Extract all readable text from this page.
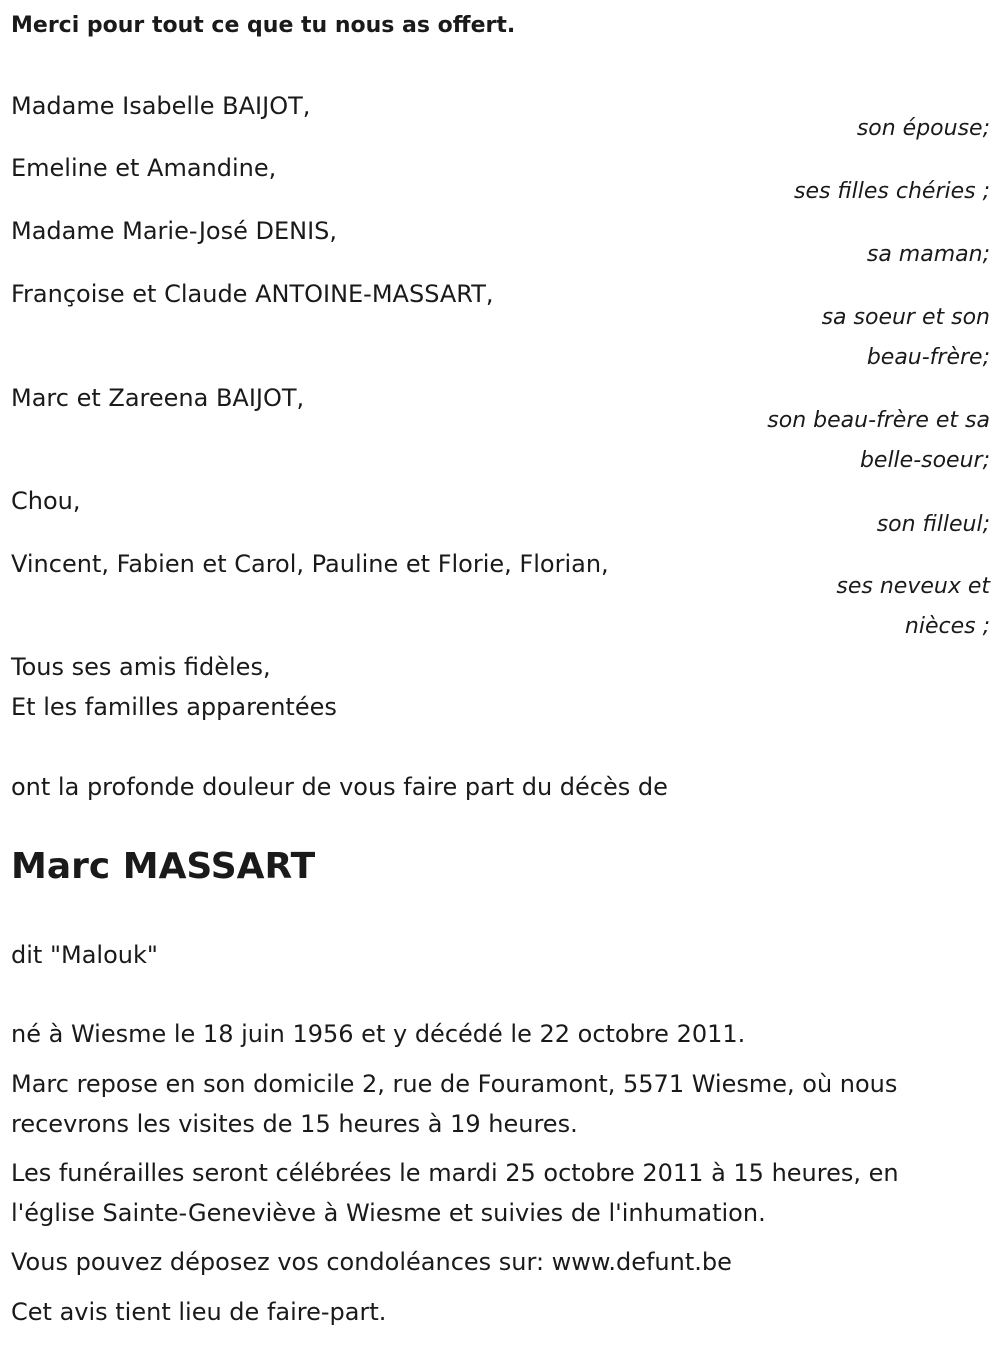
Merci pour tout ce que tu nous as offert.
Madame Isabelle BAIJOT,
son épouse;
Emeline et Amandine,
ses filles chéries ;
Madame Marie-José DENIS,
sa maman;
Françoise et Claude ANTOINE-MASSART,
sa soeur et son
beau-frère;
Marc et Zareena BAIJOT,
son beau-frère et sa
belle-soeur;
Chou,
son filleul;
Vincent, Fabien et Carol, Pauline et Florie, Florian,
ses neveux et
nièces ;
Tous ses amis fidèles,
Et les familles apparentées
ont la profonde douleur de vous faire part du décès de
Marc MASSART
dit "Malouk"
né à Wiesme le 18 juin 1956 et y décédé le 22 octobre 2011.
Marc repose en son domicile 2, rue de Fouramont, 5571 Wiesme, où nous
recevrons les visites de 15 heures à 19 heures.
Les funérailles seront célébrées le mardi 25 octobre 2011 à 15 heures, en
l'église Sainte-Geneviève à Wiesme et suivies de l'inhumation.
Vous pouvez déposez vos condoléances sur: www.defunt.be
Cet avis tient lieu de faire-part.
